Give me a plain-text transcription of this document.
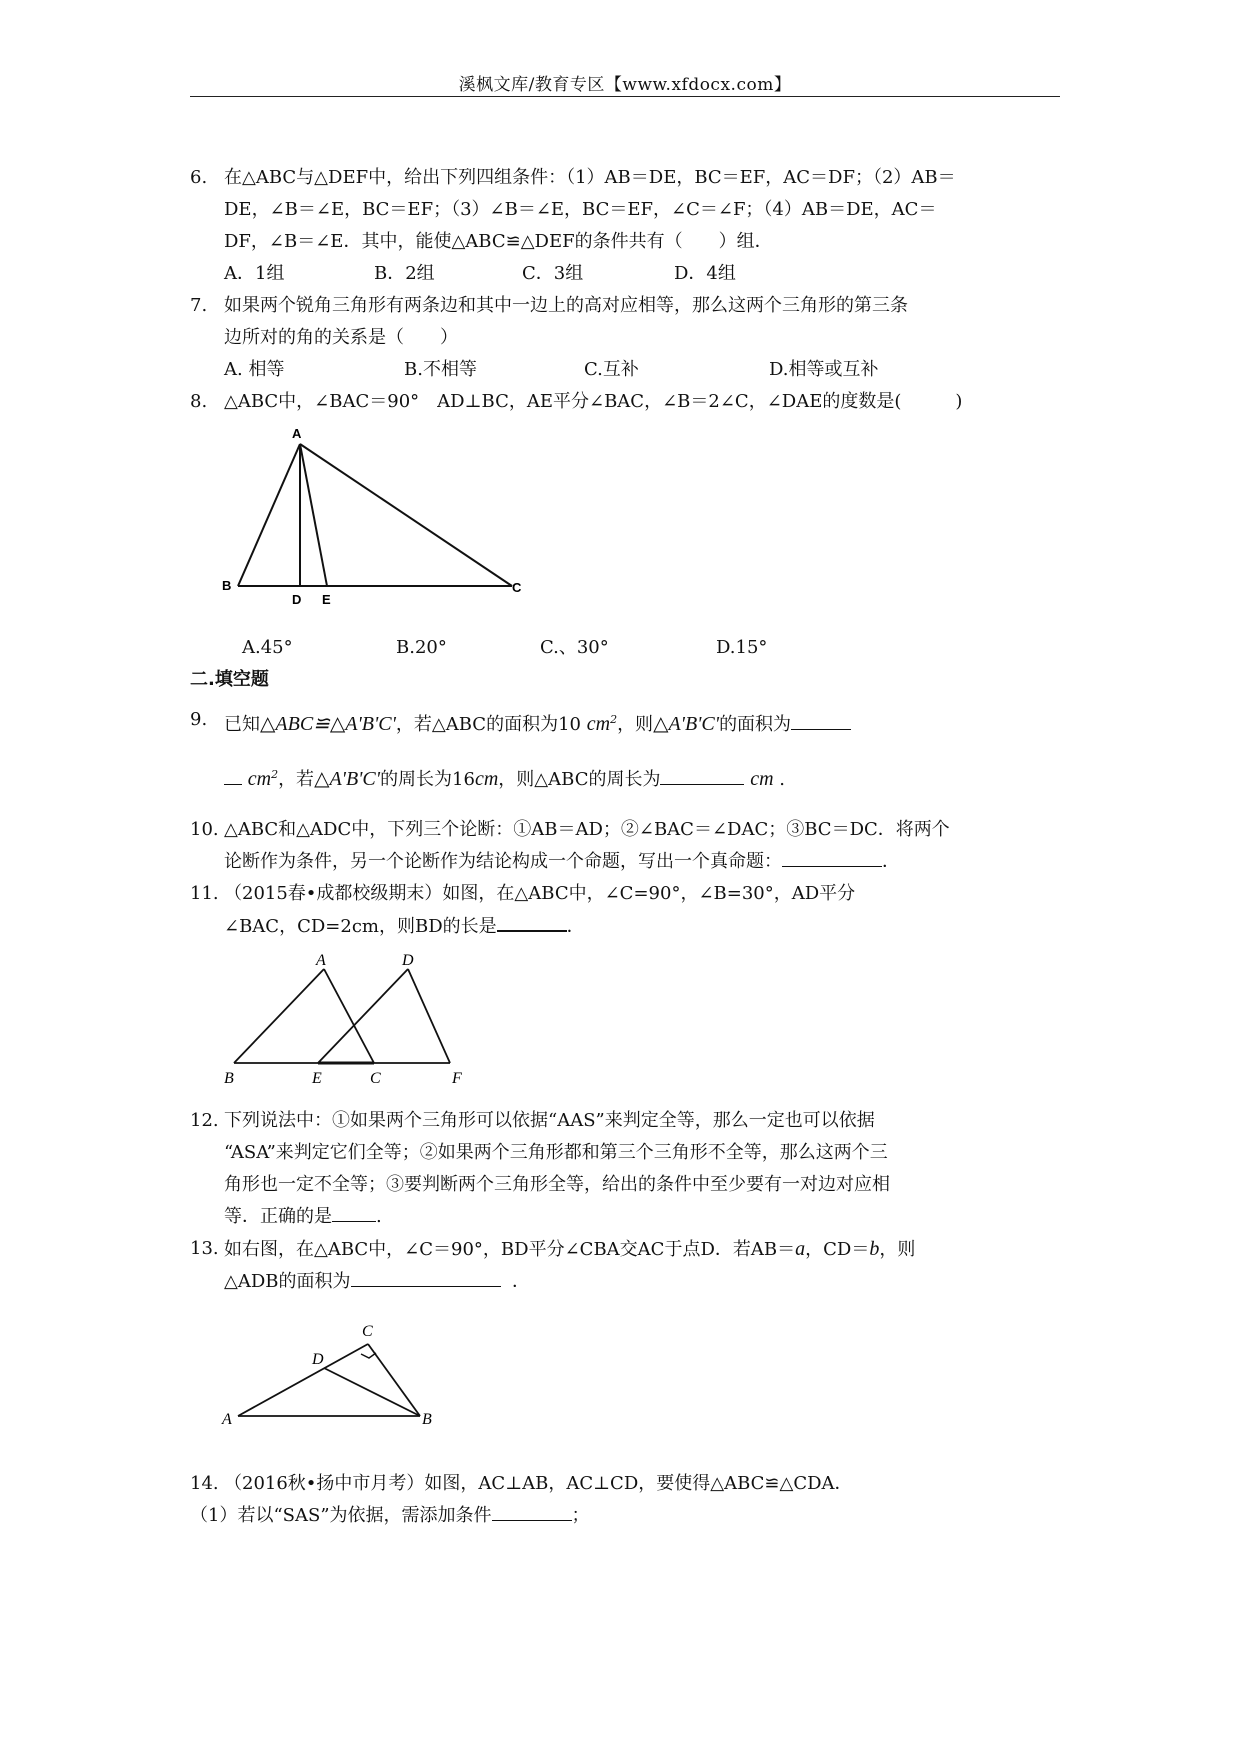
溪枫文库/教育专区【www.xfdocx.com】
6. 在△ABC与△DEF中，给出下列四组条件：（1）AB＝DE，BC＝EF，AC＝DF；（2）AB＝
DE，∠B＝∠E，BC＝EF；（3）∠B＝∠E，BC＝EF，∠C＝∠F；（4）AB＝DE，AC＝
DF，∠B＝∠E．其中，能使△ABC≌△DEF的条件共有（　　）组．
A．1组	B．2组	C．3组	D．4组
7. 如果两个锐角三角形有两条边和其中一边上的高对应相等，那么这两个三角形的第三条
边所对的角的关系是（　　）
A. 相等	B.不相等	C.互补	D.相等或互补
8. △ABC中，∠BAC＝90°　AD⊥BC，AE平分∠BAC，∠B＝2∠C，∠DAE的度数是(　　　)
A
B
D E
C
A.45°	B.20°	C.、30°	D.15°
二.填空题
9. 已知△ABC≌△A'B'C'，若△ABC的面积为10 $cm^2$，则△A'B'C'的面积为
$cm^2$，若△A'B'C'的周长为16cm，则△ABC的周长为	cm .
10. △ABC和△ADC中，下列三个论断：①AB＝AD；②∠BAC＝∠DAC；③BC＝DC．将两个
论断作为条件，另一个论断作为结论构成一个命题，写出一个真命题：	．
11. （2015春•成都校级期末）如图，在△ABC中，∠C=90°，∠B=30°，AD平分
∠BAC，CD=2cm，则BD的长是	．
A	D
B	E	C	F
12. 下列说法中：①如果两个三角形可以依据“AAS”来判定全等，那么一定也可以依据
“ASA”来判定它们全等；②如果两个三角形都和第三个三角形不全等，那么这两个三
角形也一定不全等；③要判断两个三角形全等，给出的条件中至少要有一对边对应相
等．正确的是 .
13. 如右图，在△ABC中，∠C＝90°，BD平分∠CBA交AC于点D．若AB＝a，CD＝b，则
△ADB的面积为	．
C
D
A	B
14. （2016秋•扬中市月考）如图，AC⊥AB，AC⊥CD，要使得△ABC≌△CDA．
（1）若以“SAS”为依据，需添加条件	；
